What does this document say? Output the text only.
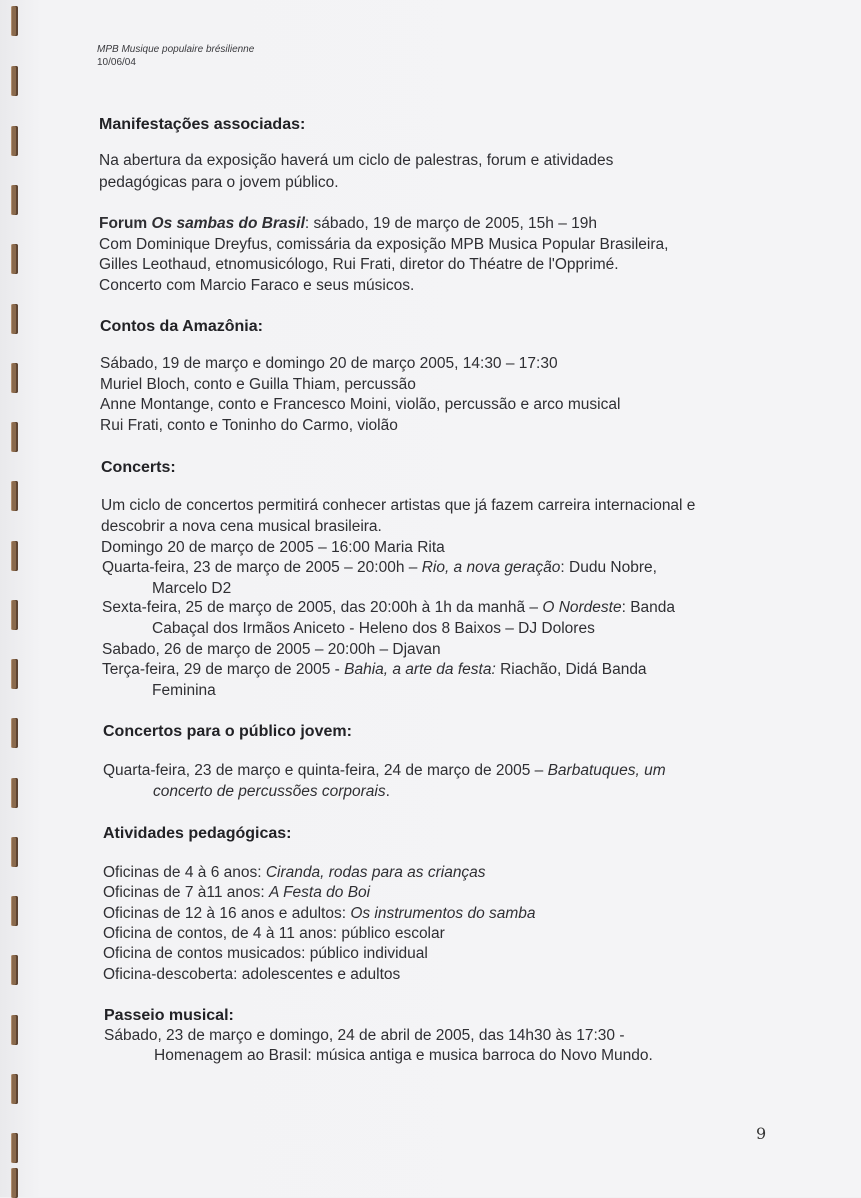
MPB Musique populaire brésilienne
10/06/04
Manifestações associadas:
Na abertura da exposição haverá um ciclo de palestras, forum e atividades
pedagógicas para o jovem público.
Forum Os sambas do Brasil: sábado, 19 de março de 2005, 15h – 19h
Com Dominique Dreyfus, comissária da exposição MPB Musica Popular Brasileira,
Gilles Leothaud, etnomusicólogo, Rui Frati, diretor do Théatre de l'Opprimé.
Concerto com Marcio Faraco e seus músicos.
Contos da Amazônia:
Sábado, 19 de março e domingo 20 de março 2005, 14:30 – 17:30
Muriel Bloch, conto e Guilla Thiam, percussão
Anne Montange, conto e Francesco Moini, violão, percussão e arco musical
Rui Frati, conto e Toninho do Carmo, violão
Concerts:
Um ciclo de concertos permitirá conhecer artistas que já fazem carreira internacional e
descobrir a nova cena musical brasileira.
Domingo 20 de março de 2005 – 16:00 Maria Rita
Quarta-feira, 23 de março de 2005 – 20:00h – Rio, a nova geração: Dudu Nobre,
Marcelo D2
Sexta-feira, 25 de março de 2005, das 20:00h à 1h da manhã – O Nordeste: Banda
Cabaçal dos Irmãos Aniceto - Heleno dos 8 Baixos – DJ Dolores
Sabado, 26 de março de 2005 – 20:00h – Djavan
Terça-feira, 29 de março de 2005 - Bahia, a arte da festa: Riachão, Didá Banda
Feminina
Concertos para o público jovem:
Quarta-feira, 23 de março e quinta-feira, 24 de março de 2005 – Barbatuques, um
concerto de percussões corporais.
Atividades pedagógicas:
Oficinas de 4 à 6 anos: Ciranda, rodas para as crianças
Oficinas de 7 à11 anos: A Festa do Boi
Oficinas de 12 à 16 anos e adultos: Os instrumentos do samba
Oficina de contos, de 4 à 11 anos: público escolar
Oficina de contos musicados: público individual
Oficina-descoberta: adolescentes e adultos
Passeio musical:
Sábado, 23 de março e domingo, 24 de abril de 2005, das 14h30 às 17:30 -
Homenagem ao Brasil: música antiga e musica barroca do Novo Mundo.
9
